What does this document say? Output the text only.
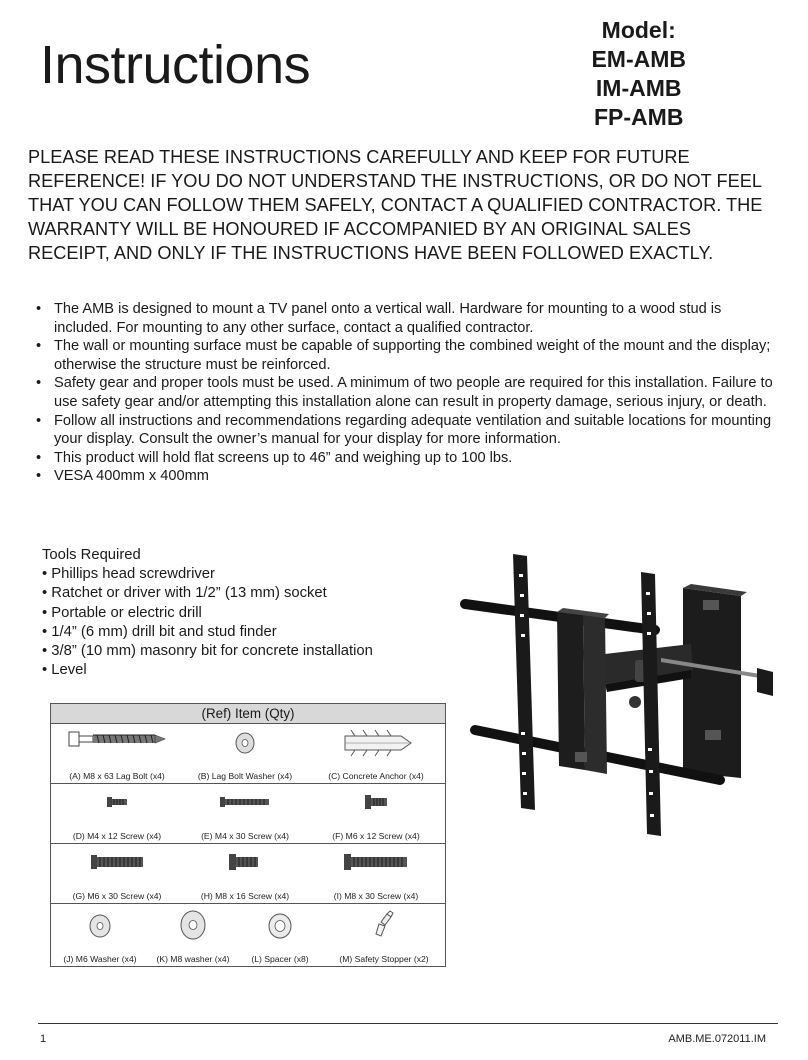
Instructions
Model:
EM-AMB
IM-AMB
FP-AMB
PLEASE READ THESE INSTRUCTIONS CAREFULLY AND KEEP FOR FUTURE REFERENCE! IF YOU DO NOT UNDERSTAND THE INSTRUCTIONS, OR DO NOT FEEL THAT YOU CAN FOLLOW THEM SAFELY, CONTACT A QUALIFIED CONTRACTOR. THE WARRANTY WILL BE HONOURED IF ACCOMPANIED BY AN ORIGINAL SALES RECEIPT, AND ONLY IF THE INSTRUCTIONS HAVE BEEN FOLLOWED EXACTLY.
• The AMB is designed to mount a TV panel onto a vertical wall. Hardware for mounting to a wood stud is included. For mounting to any other surface, contact a qualified contractor.
• The wall or mounting surface must be capable of supporting the combined weight of the mount and the display; otherwise the structure must be reinforced.
• Safety gear and proper tools must be used. A minimum of two people are required for this installation. Failure to use safety gear and/or attempting this installation alone can result in property damage, serious injury, or death.
• Follow all instructions and recommendations regarding adequate ventilation and suitable locations for mounting your display. Consult the owner’s manual for your display for more information.
• This product will hold flat screens up to 46” and weighing up to 100 lbs.
• VESA 400mm x 400mm
Tools Required
• Phillips head screwdriver
• Ratchet or driver with 1/2” (13 mm) socket
• Portable or electric drill
• 1/4” (6 mm) drill bit and stud finder
• 3/8” (10 mm) masonry bit for concrete installation
• Level
(Ref) Item (Qty)
(A) M8 x 63 Lag Bolt (x4)	(B) Lag Bolt Washer (x4)	(C) Concrete Anchor (x4)
(D) M4 x 12 Screw (x4)	(E) M4 x 30 Screw (x4)	(F) M6 x 12 Screw (x4)
(G) M6 x 30 Screw (x4)	(H) M8 x 16 Screw (x4)	(I) M8 x 30 Screw (x4)
(J) M6 Washer (x4)	(K) M8 washer (x4)	(L) Spacer (x8)	(M) Safety Stopper (x2)
1	AMB.ME.072011.IM
